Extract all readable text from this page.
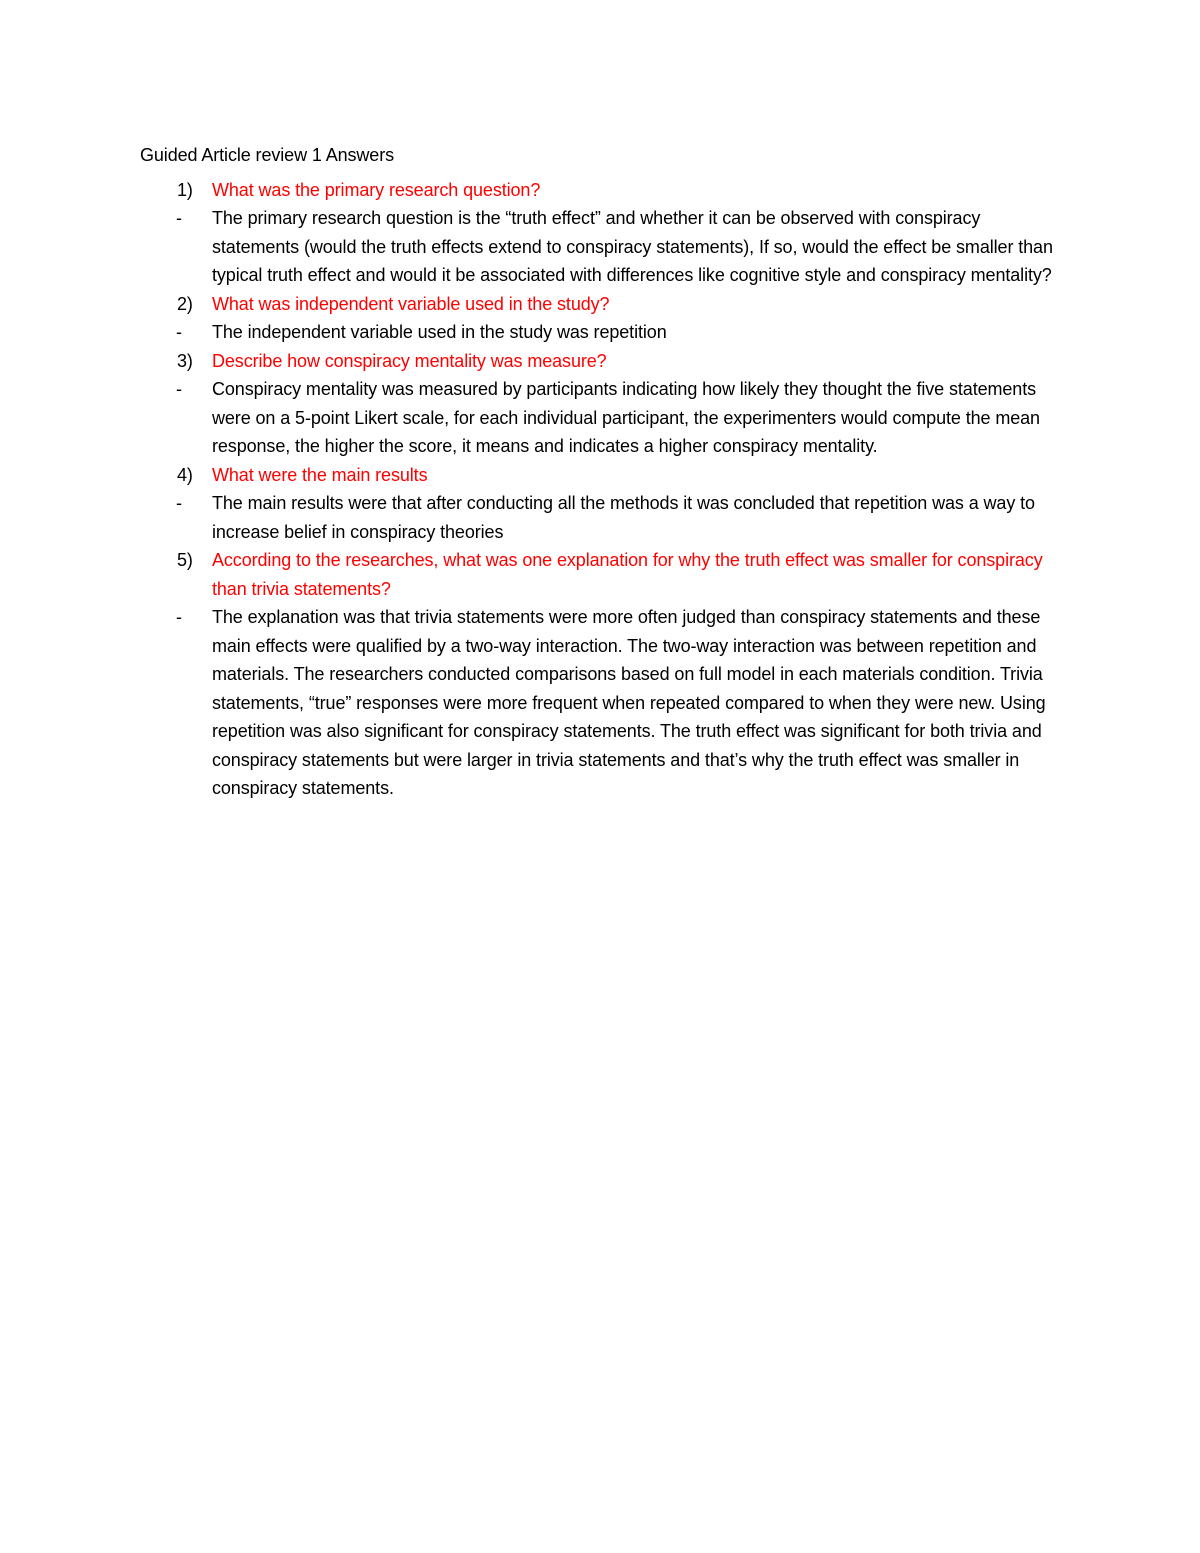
Guided Article review 1 Answers
1)	What was the primary research question?
-	The primary research question is the “truth effect” and whether it can be observed with conspiracy statements (would the truth effects extend to conspiracy statements), If so, would the effect be smaller than typical truth effect and would it be associated with differences like cognitive style and conspiracy mentality?
2)	What was independent variable used in the study?
-	The independent variable used in the study was repetition
3)	Describe how conspiracy mentality was measure?
-	Conspiracy mentality was measured by participants indicating how likely they thought the five statements were on a 5-point Likert scale, for each individual participant, the experimenters would compute the mean response, the higher the score, it means and indicates a higher conspiracy mentality.
4)	What were the main results
-	The main results were that after conducting all the methods it was concluded that repetition was a way to increase belief in conspiracy theories
5)	According to the researches, what was one explanation for why the truth effect was smaller for conspiracy than trivia statements?
-	The explanation was that trivia statements were more often judged than conspiracy statements and these main effects were qualified by a two-way interaction. The two-way interaction was between repetition and materials. The researchers conducted comparisons based on full model in each materials condition. Trivia statements, “true” responses were more frequent when repeated compared to when they were new. Using repetition was also significant for conspiracy statements. The truth effect was significant for both trivia and conspiracy statements but were larger in trivia statements and that’s why the truth effect was smaller in conspiracy statements.
